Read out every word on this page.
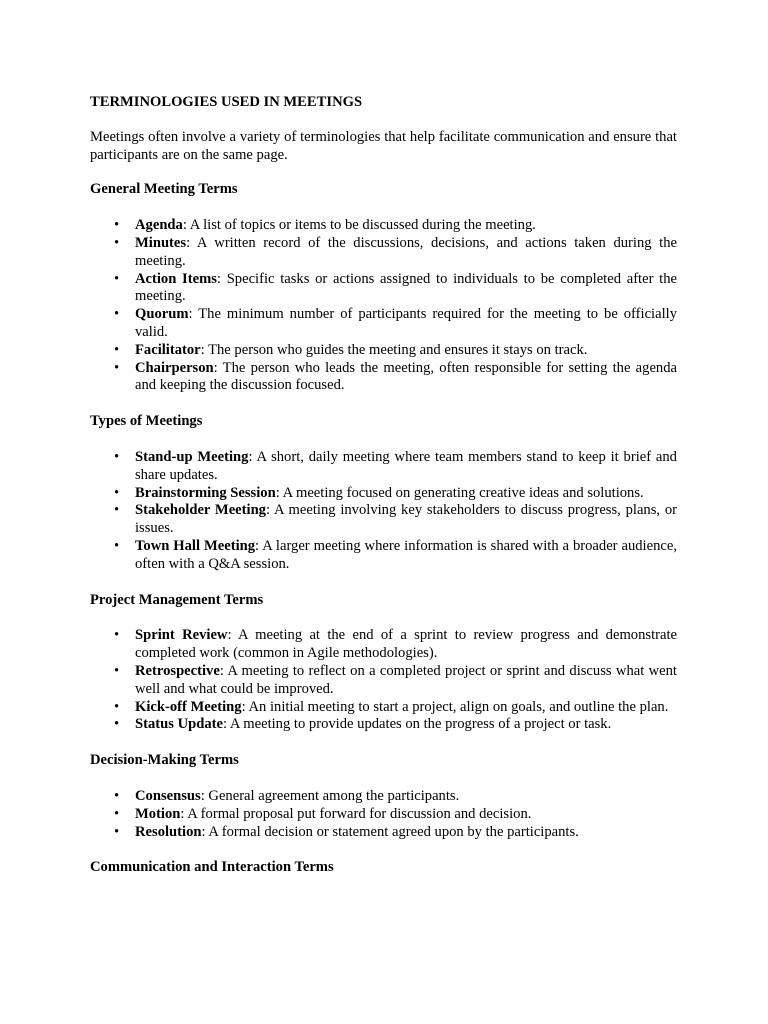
TERMINOLOGIES USED IN MEETINGS

Meetings often involve a variety of terminologies that help facilitate communication and ensure that participants are on the same page.

General Meeting Terms

• Agenda: A list of topics or items to be discussed during the meeting.
• Minutes: A written record of the discussions, decisions, and actions taken during the meeting.
• Action Items: Specific tasks or actions assigned to individuals to be completed after the meeting.
• Quorum: The minimum number of participants required for the meeting to be officially valid.
• Facilitator: The person who guides the meeting and ensures it stays on track.
• Chairperson: The person who leads the meeting, often responsible for setting the agenda and keeping the discussion focused.

Types of Meetings

• Stand-up Meeting: A short, daily meeting where team members stand to keep it brief and share updates.
• Brainstorming Session: A meeting focused on generating creative ideas and solutions.
• Stakeholder Meeting: A meeting involving key stakeholders to discuss progress, plans, or issues.
• Town Hall Meeting: A larger meeting where information is shared with a broader audience, often with a Q&A session.

Project Management Terms

• Sprint Review: A meeting at the end of a sprint to review progress and demonstrate completed work (common in Agile methodologies).
• Retrospective: A meeting to reflect on a completed project or sprint and discuss what went well and what could be improved.
• Kick-off Meeting: An initial meeting to start a project, align on goals, and outline the plan.
• Status Update: A meeting to provide updates on the progress of a project or task.

Decision-Making Terms

• Consensus: General agreement among the participants.
• Motion: A formal proposal put forward for discussion and decision.
• Resolution: A formal decision or statement agreed upon by the participants.

Communication and Interaction Terms
